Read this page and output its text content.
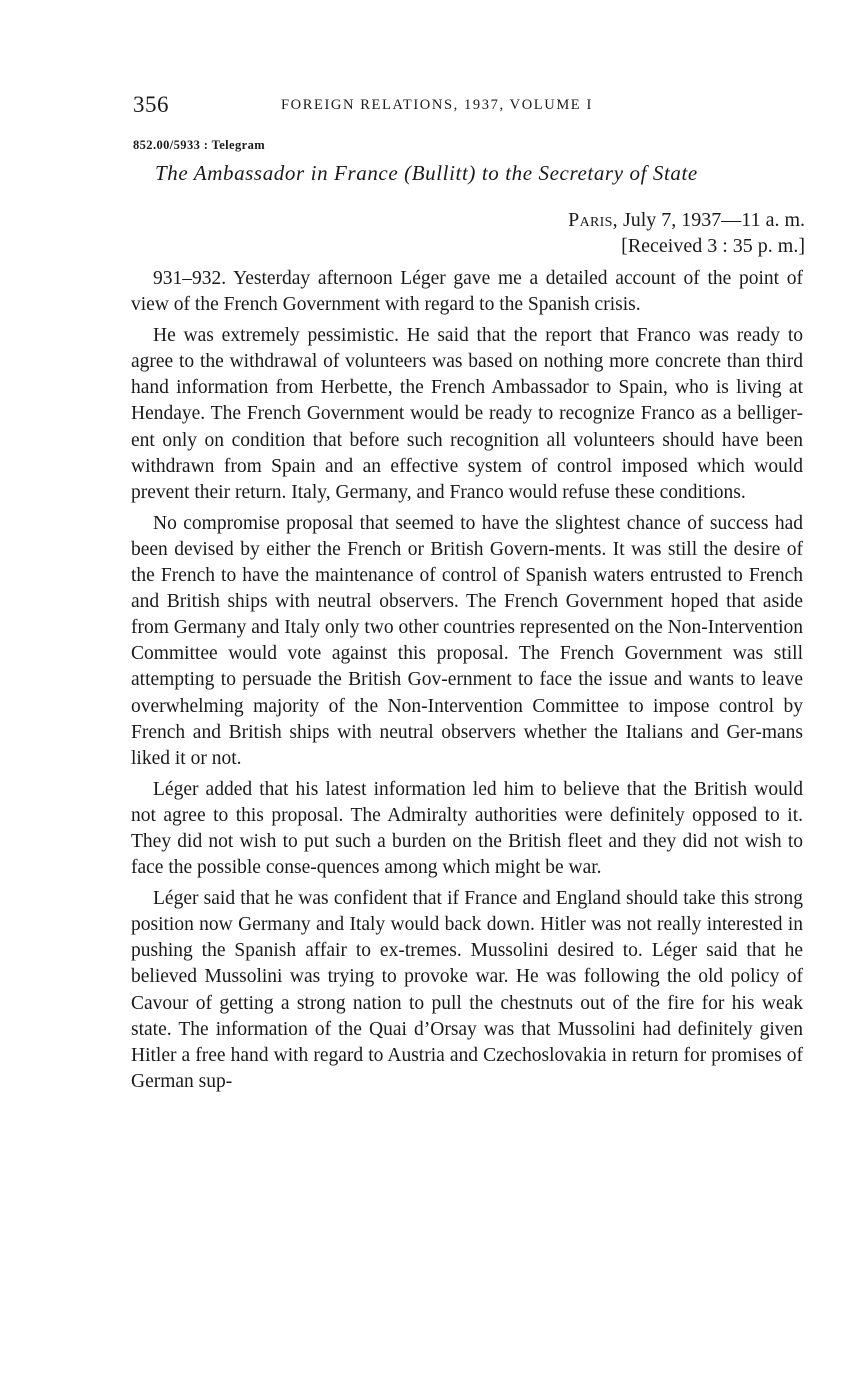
356	FOREIGN RELATIONS, 1937, VOLUME I
852.00/5933 : Telegram
The Ambassador in France (Bullitt) to the Secretary of State
Paris, July 7, 1937—11 a. m.
[Received 3 : 35 p. m.]

931–932. Yesterday afternoon Léger gave me a detailed account of the point of view of the French Government with regard to the Spanish crisis.

He was extremely pessimistic. He said that the report that Franco was ready to agree to the withdrawal of volunteers was based on nothing more concrete than third hand information from Herbette, the French Ambassador to Spain, who is living at Hendaye. The French Government would be ready to recognize Franco as a belliger-ent only on condition that before such recognition all volunteers should have been withdrawn from Spain and an effective system of control imposed which would prevent their return. Italy, Germany, and Franco would refuse these conditions.

No compromise proposal that seemed to have the slightest chance of success had been devised by either the French or British Govern-ments. It was still the desire of the French to have the maintenance of control of Spanish waters entrusted to French and British ships with neutral observers. The French Government hoped that aside from Germany and Italy only two other countries represented on the Non-Intervention Committee would vote against this proposal. The French Government was still attempting to persuade the British Gov-ernment to face the issue and wants to leave overwhelming majority of the Non-Intervention Committee to impose control by French and British ships with neutral observers whether the Italians and Ger-mans liked it or not.

Léger added that his latest information led him to believe that the British would not agree to this proposal. The Admiralty authorities were definitely opposed to it. They did not wish to put such a burden on the British fleet and they did not wish to face the possible conse-quences among which might be war.

Léger said that he was confident that if France and England should take this strong position now Germany and Italy would back down. Hitler was not really interested in pushing the Spanish affair to ex-tremes. Mussolini desired to. Léger said that he believed Mussolini was trying to provoke war. He was following the old policy of Cavour of getting a strong nation to pull the chestnuts out of the fire for his weak state. The information of the Quai d’Orsay was that Mussolini had definitely given Hitler a free hand with regard to Austria and Czechoslovakia in return for promises of German sup-
